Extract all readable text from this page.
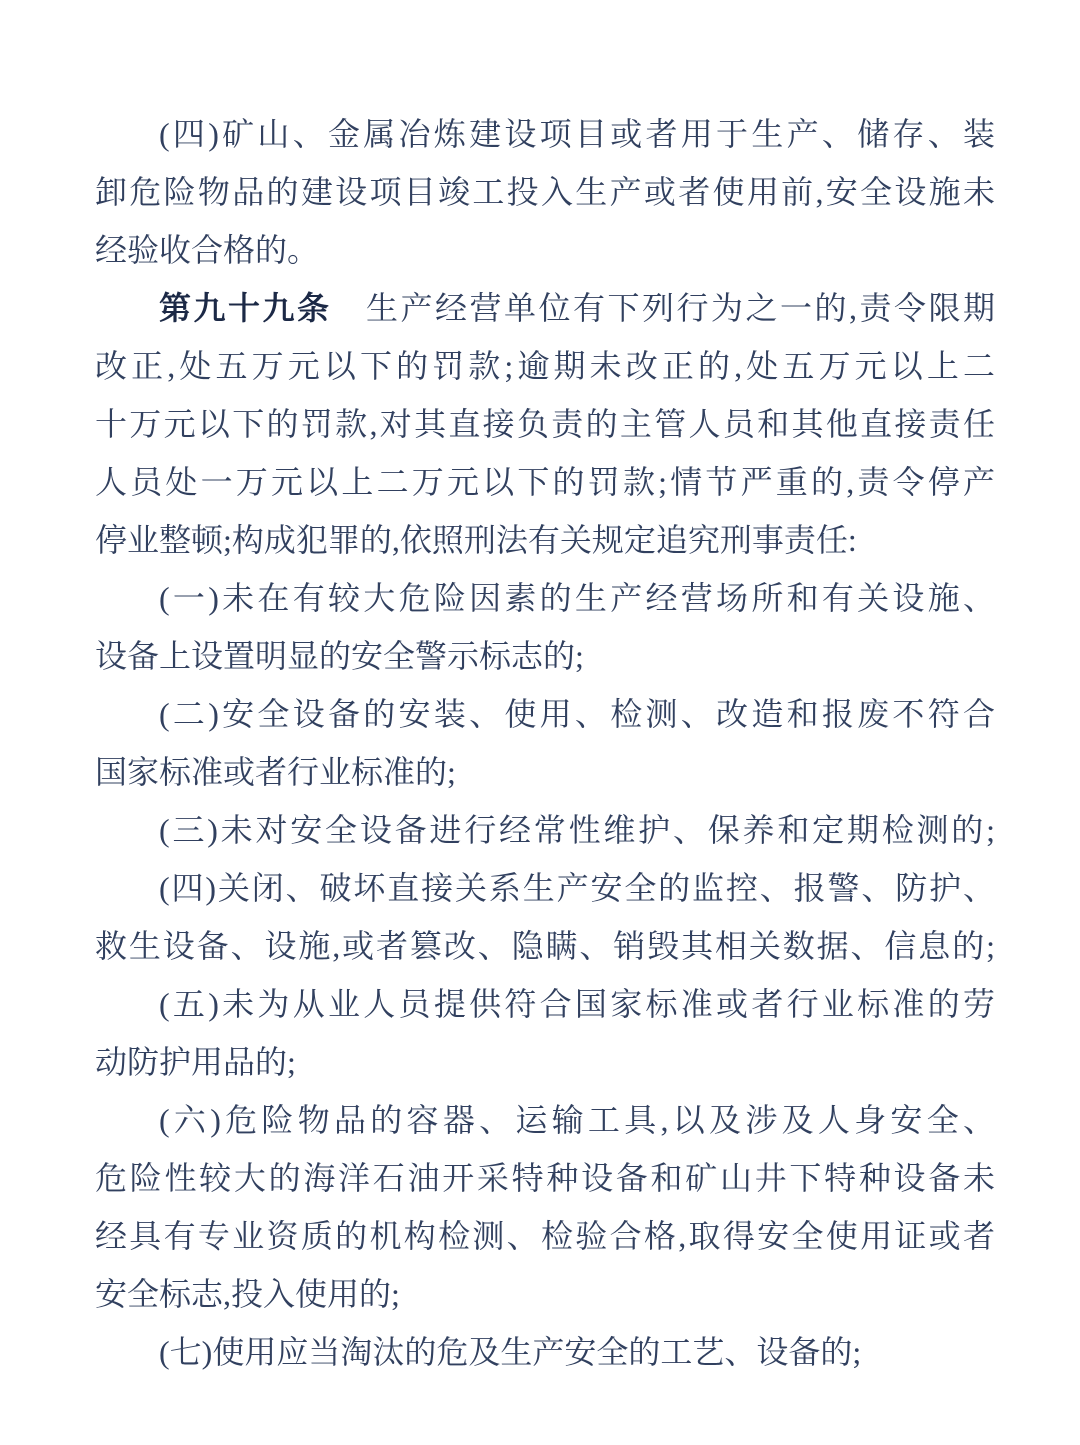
(四)矿山、金属冶炼建设项目或者用于生产、储存、装
卸危险物品的建设项目竣工投入生产或者使用前,安全设施未
经验收合格的。
第九十九条　生产经营单位有下列行为之一的,责令限期
改正,处五万元以下的罚款;逾期未改正的,处五万元以上二
十万元以下的罚款,对其直接负责的主管人员和其他直接责任
人员处一万元以上二万元以下的罚款;情节严重的,责令停产
停业整顿;构成犯罪的,依照刑法有关规定追究刑事责任:
(一)未在有较大危险因素的生产经营场所和有关设施、
设备上设置明显的安全警示标志的;
(二)安全设备的安装、使用、检测、改造和报废不符合
国家标准或者行业标准的;
(三)未对安全设备进行经常性维护、保养和定期检测的;
(四)关闭、破坏直接关系生产安全的监控、报警、防护、
救生设备、设施,或者篡改、隐瞒、销毁其相关数据、信息的;
(五)未为从业人员提供符合国家标准或者行业标准的劳
动防护用品的;
(六)危险物品的容器、运输工具,以及涉及人身安全、
危险性较大的海洋石油开采特种设备和矿山井下特种设备未
经具有专业资质的机构检测、检验合格,取得安全使用证或者
安全标志,投入使用的;
(七)使用应当淘汰的危及生产安全的工艺、设备的;
